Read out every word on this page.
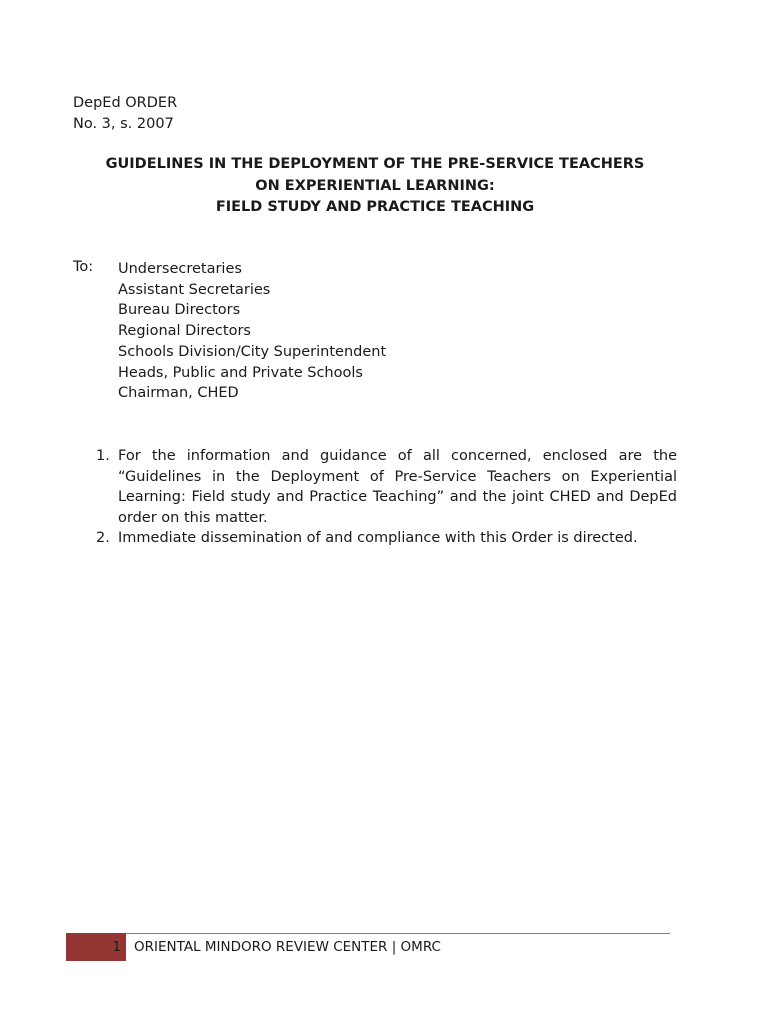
DepEd ORDER
No. 3, s. 2007
GUIDELINES IN THE DEPLOYMENT OF THE PRE-SERVICE TEACHERS
ON EXPERIENTIAL LEARNING:
FIELD STUDY AND PRACTICE TEACHING
To: Undersecretaries
Assistant Secretaries
Bureau Directors
Regional Directors
Schools Division/City Superintendent
Heads, Public and Private Schools
Chairman, CHED
1. For the information and guidance of all concerned, enclosed are the “Guidelines in the Deployment of Pre-Service Teachers on Experiential Learning: Field study and Practice Teaching” and the joint CHED and DepEd order on this matter.
2. Immediate dissemination of and compliance with this Order is directed.
1 ORIENTAL MINDORO REVIEW CENTER | OMRC
